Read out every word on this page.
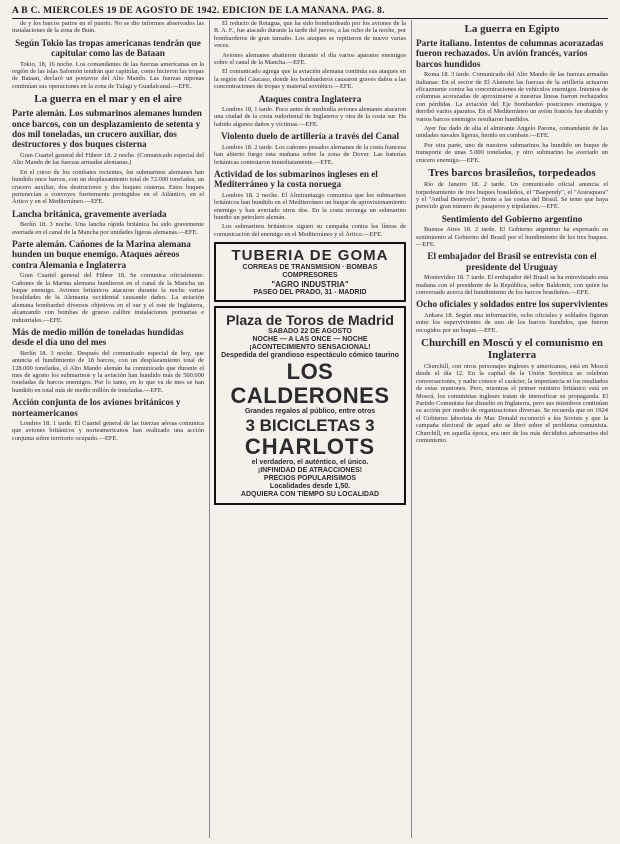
A B C. MIERCOLES 19 DE AGOSTO DE 1942. EDICION DE LA MAÑANA. PAG. 8.
de y los barcos partos en el puerto. No se dio informes abservados las instalaciones de la zona de Buin.
Según Tokio las tropas americanas tendrán que capitular como las de Bataan
Tokio, 18, 16 noche. Los comandantes de las fuerzas americanas en la región de las islas Salomón tendrán que capitular, como hicieron las tropas de Bataan, declaró un portavoz del Alto Mando. Las fuerzas niponas continúan sus operaciones en la zona de Tulagi y Guadalcanal.—EFE.
La guerra en el mar y en el aire
Parte alemán. Los submarinos alemanes hunden once barcos, con un desplazamiento de setenta y dos mil toneladas, un crucero auxiliar, dos destructores y dos buques cisterna
Gran Cuartel general del Führer 18. 2 noche. (Comunicado especial del Alto Mando de las fuerzas armadas alemanas.)
En el curso de los combates recientes, los submarinos alemanes han hundido once barcos, con un desplazamiento total de 72.000 toneladas, un crucero auxiliar, dos destructores y dos buques cisterna. Estos buques pertenecían a convoyes fuertemente protegidos en el Atlántico, en el Ártico y en el Mediterráneo.—EFE.
Lancha británica, gravemente averiada
Berlín 18. 3 noche. Una lancha rápida británica ha sido gravemente averiada en el canal de la Mancha por unidades ligeras alemanas.—EFE.
Parte alemán. Cañones de la Marina alemana hunden un buque enemigo. Ataques aéreos contra Alemania e Inglaterra
Gran Cuartel general del Führer 18. Se comunica oficialmente: Cañones de la Marina alemana hundieron en el canal de la Mancha un buque enemigo. Aviones británicos atacaron durante la noche varias localidades de la Alemania occidental causando daños. La aviación alemana bombardeó diversos objetivos en el sur y el este de Inglaterra, alcanzando con bombas de grueso calibre instalaciones portuarias e industriales.—EFE.
Más de medio millón de toneladas hundidas desde el día uno del mes
Berlín 18. 3 noche. Después del comunicado especial de hoy, que anuncia el hundimiento de 18 barcos, con un desplazamiento total de 128.000 toneladas, el Alto Mando alemán ha comunicado que durante el mes de agosto los submarinos y la aviación han hundido más de 500.000 toneladas de barcos enemigos. Por lo tanto, en lo que va de mes se han hundido en total más de medio millón de toneladas.—EFE.
Acción conjunta de los aviones británicos y norteamericanos
Londres 18. 1 tarde. El Cuartel general de las fuerzas aéreas comunica que aviones británicos y norteamericanos han realizado una acción conjunta sobre territorio ocupado.—EFE.
El reducto de Retagua, que ha sido bombardeado por los aviones de la R. A. F., fue atacado durante la tarde del jueves, a las ocho de la noche, por bombarderos de gran tamaño. Los ataques se repitieron de nuevo varias veces.
Aviones alemanes abatieron durante el día varios aparatos enemigos sobre el canal de la Mancha.—EFE.
El comunicado agrega que la aviación alemana continúa sus ataques en la región del Cáucaso, donde los bombarderos causaron graves daños a las concentraciones de tropas y material soviético.—EFE.
Ataques contra Inglaterra
Londres 18, 1 tarde. Poco antes de mediodía aviones alemanes atacaron una ciudad de la costa sudoriental de Inglaterra y otra de la costa sur. Ha habido algunos daños y víctimas.—EFE.
Violento duelo de artillería a través del Canal
Londres 18. 2 tarde. Los cañones pesados alemanes de la costa francesa han abierto fuego esta mañana sobre la zona de Dover. Las baterías británicas contestaron inmediatamente.—EFE.
Actividad de los submarinos ingleses en el Mediterráneo y la costa noruega
Londres 18. 2 noche. El Almirantazgo comunica que los submarinos británicos han hundido en el Mediterráneo un buque de aprovisionamiento enemigo y han averiado otros dos. En la costa noruega un submarino hundió un petrolero alemán.
Los submarinos británicos siguen su campaña contra las líneas de comunicación del enemigo en el Mediterráneo y el Ártico.—EFE.
TUBERIA DE GOMA
CORREAS DE TRANSMISION · BOMBAS COMPRESORES
"AGRO INDUSTRIA"
PASEO DEL PRADO, 31 - MADRID
Plaza de Toros de Madrid
SABADO 22 DE AGOSTO
NOCHE — A LAS ONCE — NOCHE
¡ACONTECIMIENTO SENSACIONAL!
Despedida del grandioso espectáculo cómico taurino
LOS CALDERONES
Grandes regalos al público, entre otros
3 BICICLETAS 3
CHARLOTS
el verdadero, el auténtico, el único.
¡INFINIDAD DE ATRACCIONES!
PRECIOS POPULARISIMOS
Localidades desde 1,50.
ADQUIERA CON TIEMPO SU LOCALIDAD
La guerra en Egipto
Parte italiano. Intentos de columnas acorazadas fueron rechazados. Un avión francés, varios barcos hundidos
Roma 18. 3 tarde. Comunicado del Alto Mando de las fuerzas armadas italianas: En el sector de El Alamein las fuerzas de la artillería actuaron eficazmente contra las concentraciones de vehículos enemigos. Intentos de columnas acorazadas de aproximarse a nuestras líneas fueron rechazados con pérdidas. La aviación del Eje bombardeó posiciones enemigas y derribó varios aparatos. En el Mediterráneo un avión francés fue abatido y varios barcos enemigos resultaron hundidos.
Ayer fue dado de alta el almirante Angelo Parona, comandante de las unidades navales ligeras, herido en combate.—EFE.
Por otra parte, uno de nuestros submarinos ha hundido un buque de transporte de unas 5.000 toneladas, y otro submarino ha averiado un crucero enemigo.—EFE.
Tres barcos brasileños, torpedeados
Río de Janeiro 18. 2 tarde. Un comunicado oficial anuncia el torpedeamiento de tres buques brasileños, el "Baependy", el "Araraquara" y el "Anibal Benevolo", frente a las costas del Brasil. Se teme que haya perecido gran número de pasajeros y tripulantes.—EFE.
Sentimiento del Gobierno argentino
Buenos Aires 18. 2 tarde. El Gobierno argentino ha expresado su sentimiento al Gobierno del Brasil por el hundimiento de los tres buques.—EFE.
El embajador del Brasil se entrevista con el presidente del Uruguay
Montevideo 18. 7 tarde. El embajador del Brasil se ha entrevistado esta mañana con el presidente de la República, señor Baldomir, con quien ha conversado acerca del hundimiento de los barcos brasileños.—EFE.
Ocho oficiales y soldados entre los supervivientes
Ankara 18. Según una información, ocho oficiales y soldados figuran entre los supervivientes de uno de los barcos hundidos, que fueron recogidos por un buque.—EFE.
Churchill en Moscú y el comunismo en Inglaterra
Churchill, con otros personajes ingleses y americanos, está en Moscú desde el día 12. En la capital de la Unión Soviética se celebran conversaciones, y nadie conoce el carácter, la importancia ni los resultados de estas reuniones. Pero, mientras el primer ministro británico está en Moscú, los comunistas ingleses tratan de intensificar su propaganda. El Partido Comunista fue disuelto en Inglaterra, pero sus miembros continúan su acción por medio de organizaciones diversas. Se recuerda que en 1924 el Gobierno laborista de Mac Donald reconoció a los Soviets y que la campaña electoral de aquel año se libró sobre el problema comunista. Churchill, en aquella época, era uno de los más decididos adversarios del comunismo.
